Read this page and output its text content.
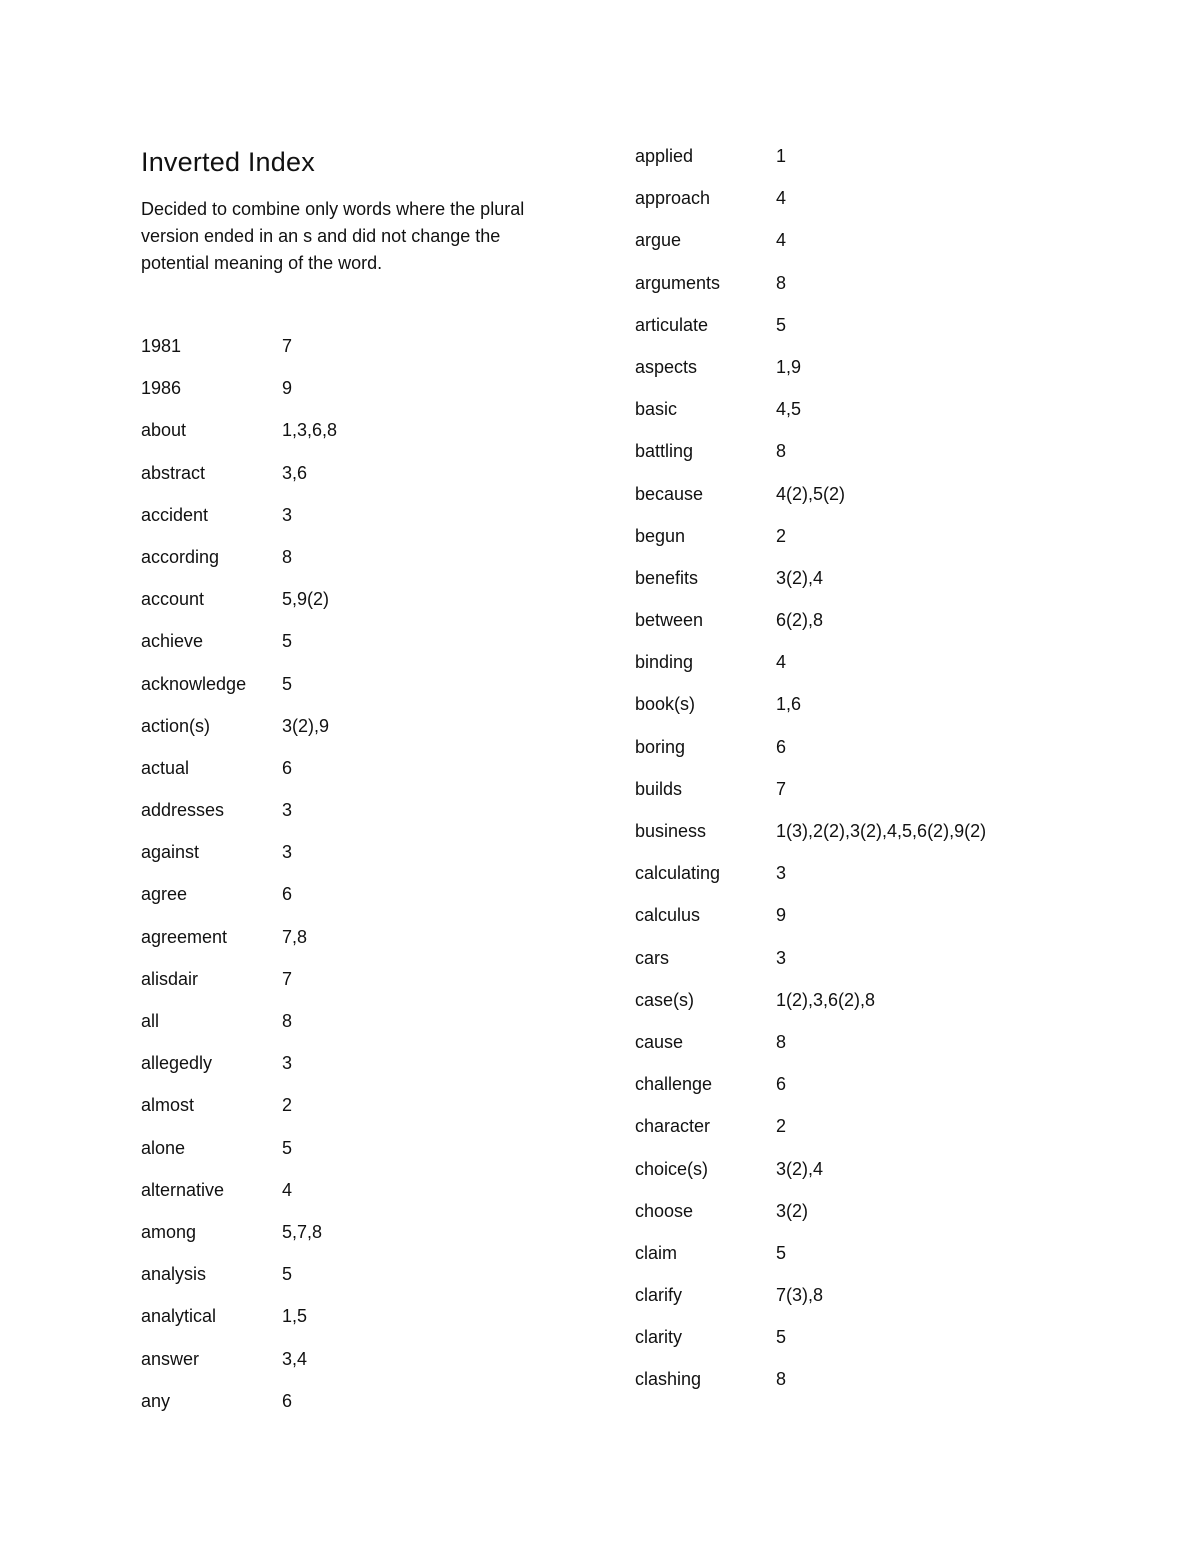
Inverted Index
Decided to combine only words where the plural version ended in an s and did not change the potential meaning of the word.
1981	7
1986	9
about	1,3,6,8
abstract	3,6
accident	3
according	8
account	5,9(2)
achieve	5
acknowledge	5
action(s)	3(2),9
actual	6
addresses	3
against	3
agree	6
agreement	7,8
alisdair	7
all	8
allegedly	3
almost	2
alone	5
alternative	4
among	5,7,8
analysis	5
analytical	1,5
answer	3,4
any	6
applied	1
approach	4
argue	4
arguments	8
articulate	5
aspects	1,9
basic	4,5
battling	8
because	4(2),5(2)
begun	2
benefits	3(2),4
between	6(2),8
binding	4
book(s)	1,6
boring	6
builds	7
business	1(3),2(2),3(2),4,5,6(2),9(2)
calculating	3
calculus	9
cars	3
case(s)	1(2),3,6(2),8
cause	8
challenge	6
character	2
choice(s)	3(2),4
choose	3(2)
claim	5
clarify	7(3),8
clarity	5
clashing	8
